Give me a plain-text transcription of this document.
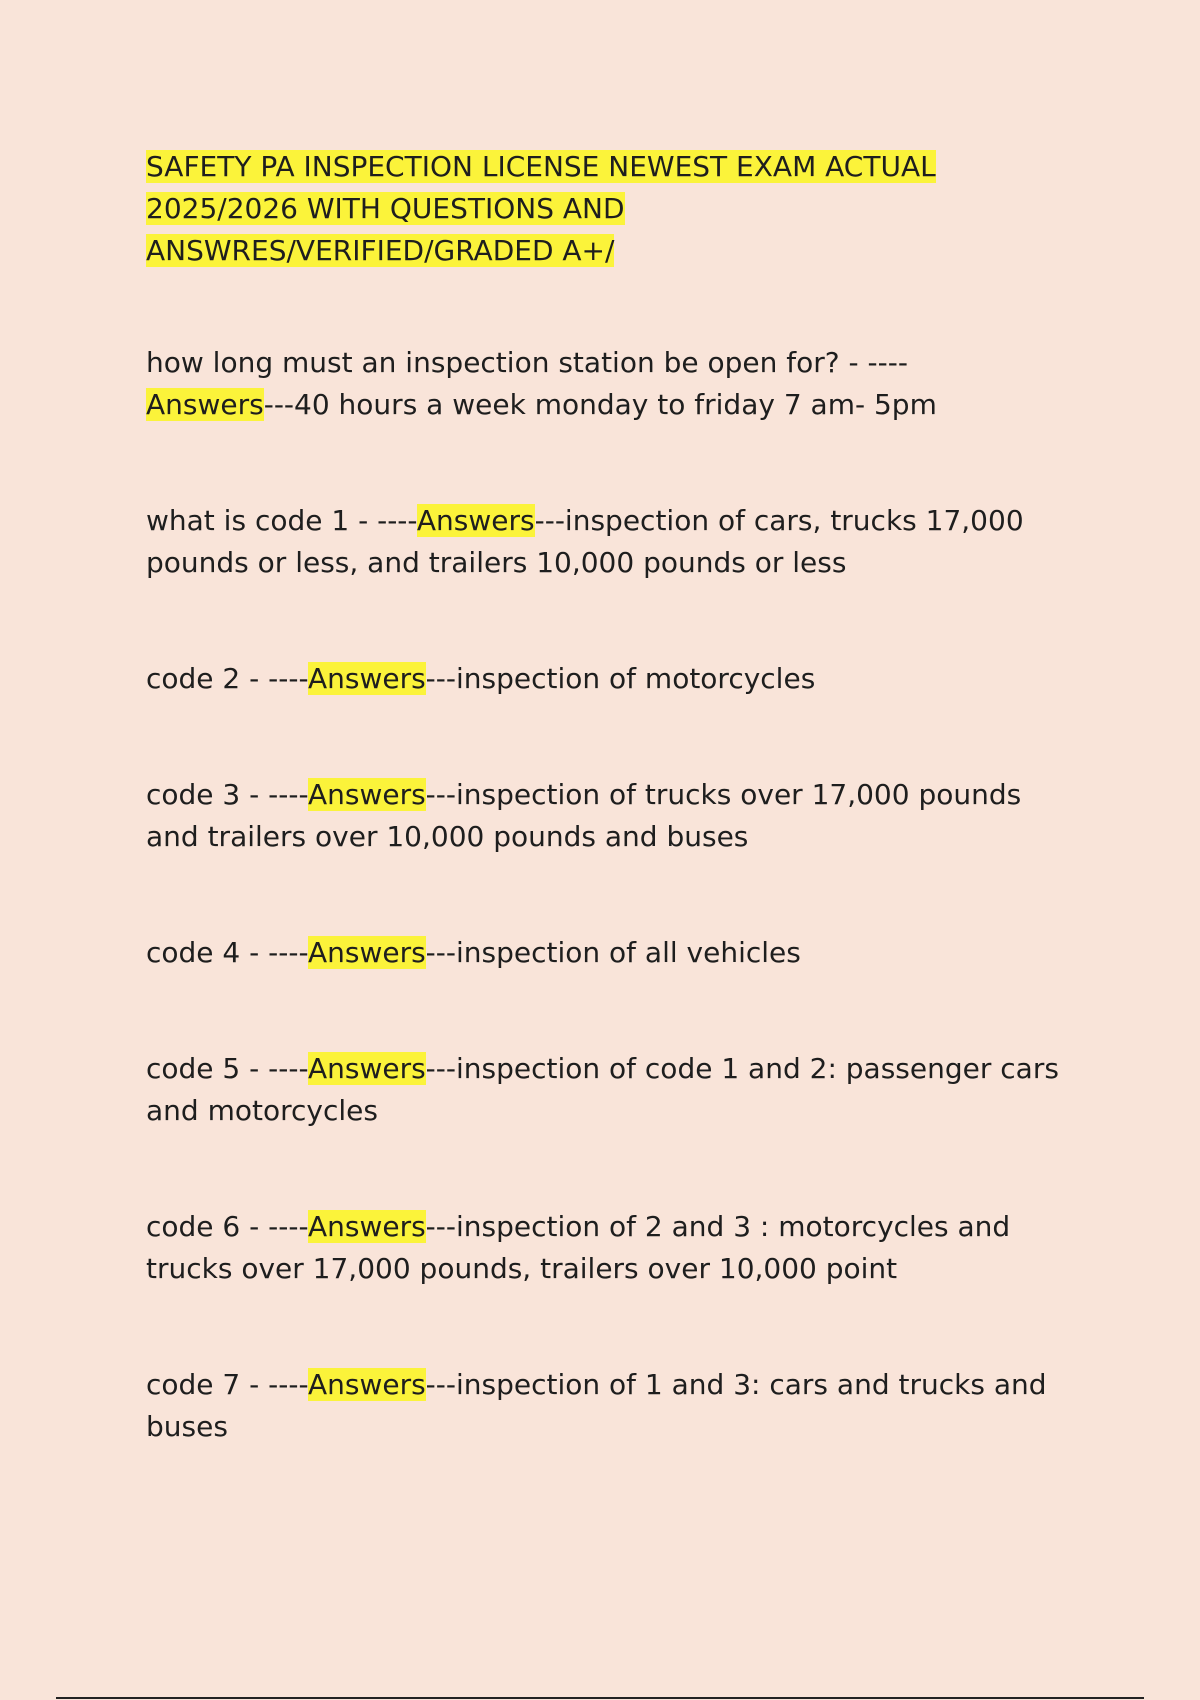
SAFETY PA INSPECTION LICENSE NEWEST EXAM ACTUAL
2025/2026 WITH QUESTIONS AND
ANSWRES/VERIFIED/GRADED A+/

how long must an inspection station be open for? - ----
Answers---40 hours a week monday to friday 7 am- 5pm

what is code 1 - ----Answers---inspection of cars, trucks 17,000 pounds or less, and trailers 10,000 pounds or less

code 2 - ----Answers---inspection of motorcycles

code 3 - ----Answers---inspection of trucks over 17,000 pounds and trailers over 10,000 pounds and buses

code 4 - ----Answers---inspection of all vehicles

code 5 - ----Answers---inspection of code 1 and 2: passenger cars and motorcycles

code 6 - ----Answers---inspection of 2 and 3 : motorcycles and trucks over 17,000 pounds, trailers over 10,000 point

code 7 - ----Answers---inspection of 1 and 3: cars and trucks and buses
